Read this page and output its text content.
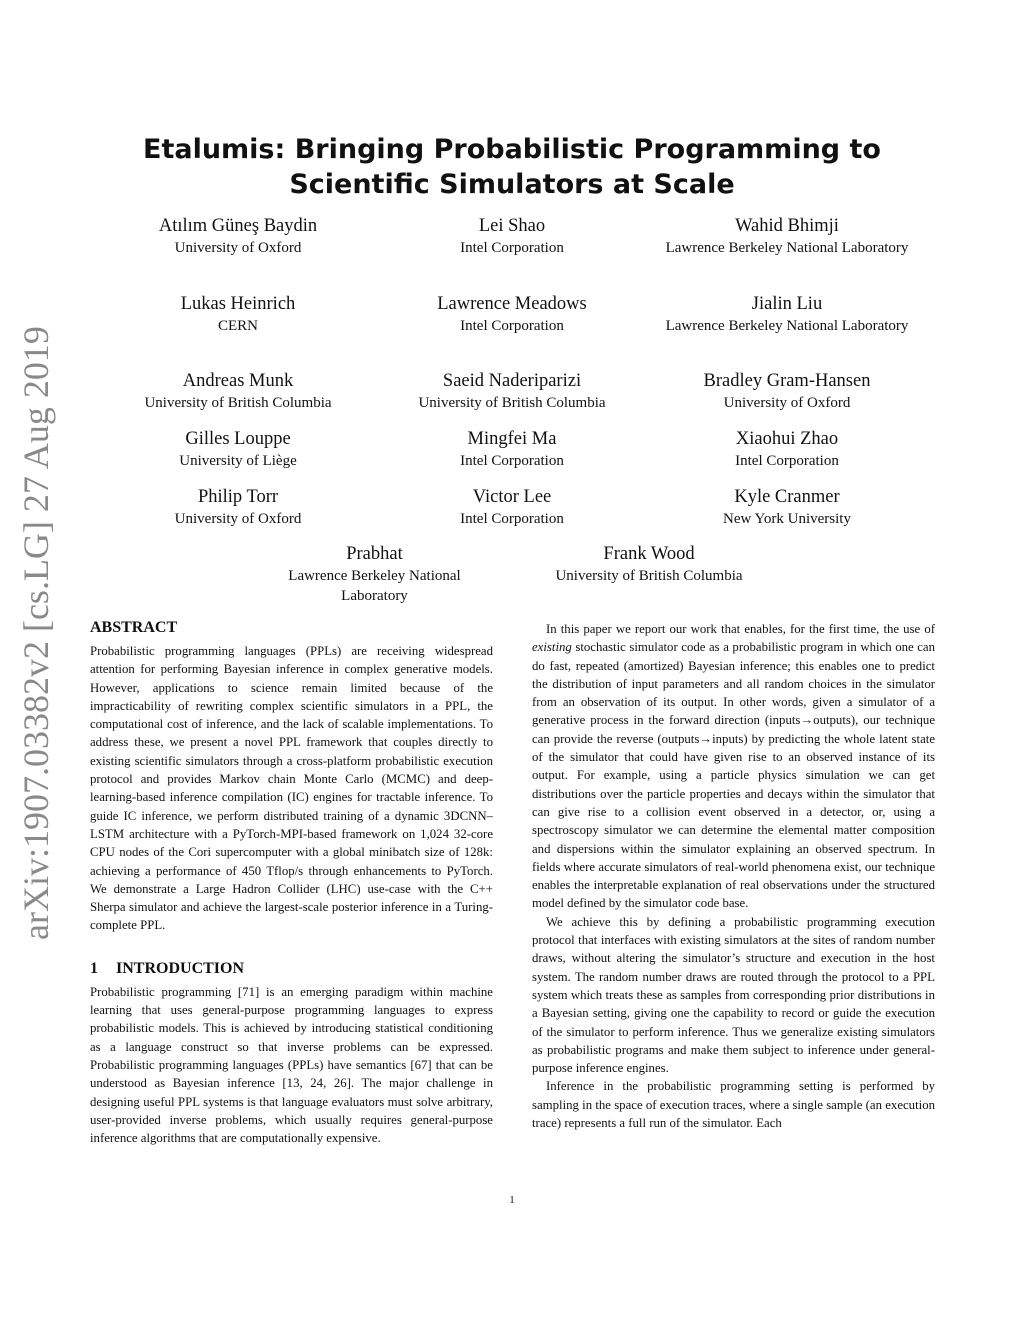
arXiv:1907.03382v2 [cs.LG] 27 Aug 2019
Etalumis: Bringing Probabilistic Programming to Scientific Simulators at Scale
Atılım Güneş Baydin
University of Oxford
Lei Shao
Intel Corporation
Wahid Bhimji
Lawrence Berkeley National Laboratory
Lukas Heinrich
CERN
Lawrence Meadows
Intel Corporation
Jialin Liu
Lawrence Berkeley National Laboratory
Andreas Munk
University of British Columbia
Saeid Naderiparizi
University of British Columbia
Bradley Gram-Hansen
University of Oxford
Gilles Louppe
University of Liège
Mingfei Ma
Intel Corporation
Xiaohui Zhao
Intel Corporation
Philip Torr
University of Oxford
Victor Lee
Intel Corporation
Kyle Cranmer
New York University
Prabhat
Lawrence Berkeley National Laboratory
Frank Wood
University of British Columbia
ABSTRACT

Probabilistic programming languages (PPLs) are receiving widespread attention for performing Bayesian inference in complex generative models. However, applications to science remain limited because of the impracticability of rewriting complex scientific simulators in a PPL, the computational cost of inference, and the lack of scalable implementations. To address these, we present a novel PPL framework that couples directly to existing scientific simulators through a cross-platform probabilistic execution protocol and provides Markov chain Monte Carlo (MCMC) and deep-learning-based inference compilation (IC) engines for tractable inference. To guide IC inference, we perform distributed training of a dynamic 3DCNN–LSTM architecture with a PyTorch-MPI-based framework on 1,024 32-core CPU nodes of the Cori supercomputer with a global minibatch size of 128k: achieving a performance of 450 Tflop/s through enhancements to PyTorch. We demonstrate a Large Hadron Collider (LHC) use-case with the C++ Sherpa simulator and achieve the largest-scale posterior inference in a Turing-complete PPL.

1 INTRODUCTION

Probabilistic programming [71] is an emerging paradigm within machine learning that uses general-purpose programming languages to express probabilistic models. This is achieved by introducing statistical conditioning as a language construct so that inverse problems can be expressed. Probabilistic programming languages (PPLs) have semantics [67] that can be understood as Bayesian inference [13, 24, 26]. The major challenge in designing useful PPL systems is that language evaluators must solve arbitrary, user-provided inverse problems, which usually requires general-purpose inference algorithms that are computationally expensive.

In this paper we report our work that enables, for the first time, the use of existing stochastic simulator code as a probabilistic program in which one can do fast, repeated (amortized) Bayesian inference; this enables one to predict the distribution of input parameters and all random choices in the simulator from an observation of its output. In other words, given a simulator of a generative process in the forward direction (inputs→outputs), our technique can provide the reverse (outputs→inputs) by predicting the whole latent state of the simulator that could have given rise to an observed instance of its output. For example, using a particle physics simulation we can get distributions over the particle properties and decays within the simulator that can give rise to a collision event observed in a detector, or, using a spectroscopy simulator we can determine the elemental matter composition and dispersions within the simulator explaining an observed spectrum. In fields where accurate simulators of real-world phenomena exist, our technique enables the interpretable explanation of real observations under the structured model defined by the simulator code base.

We achieve this by defining a probabilistic programming execution protocol that interfaces with existing simulators at the sites of random number draws, without altering the simulator’s structure and execution in the host system. The random number draws are routed through the protocol to a PPL system which treats these as samples from corresponding prior distributions in a Bayesian setting, giving one the capability to record or guide the execution of the simulator to perform inference. Thus we generalize existing simulators as probabilistic programs and make them subject to inference under general-purpose inference engines.

Inference in the probabilistic programming setting is performed by sampling in the space of execution traces, where a single sample (an execution trace) represents a full run of the simulator. Each

1
